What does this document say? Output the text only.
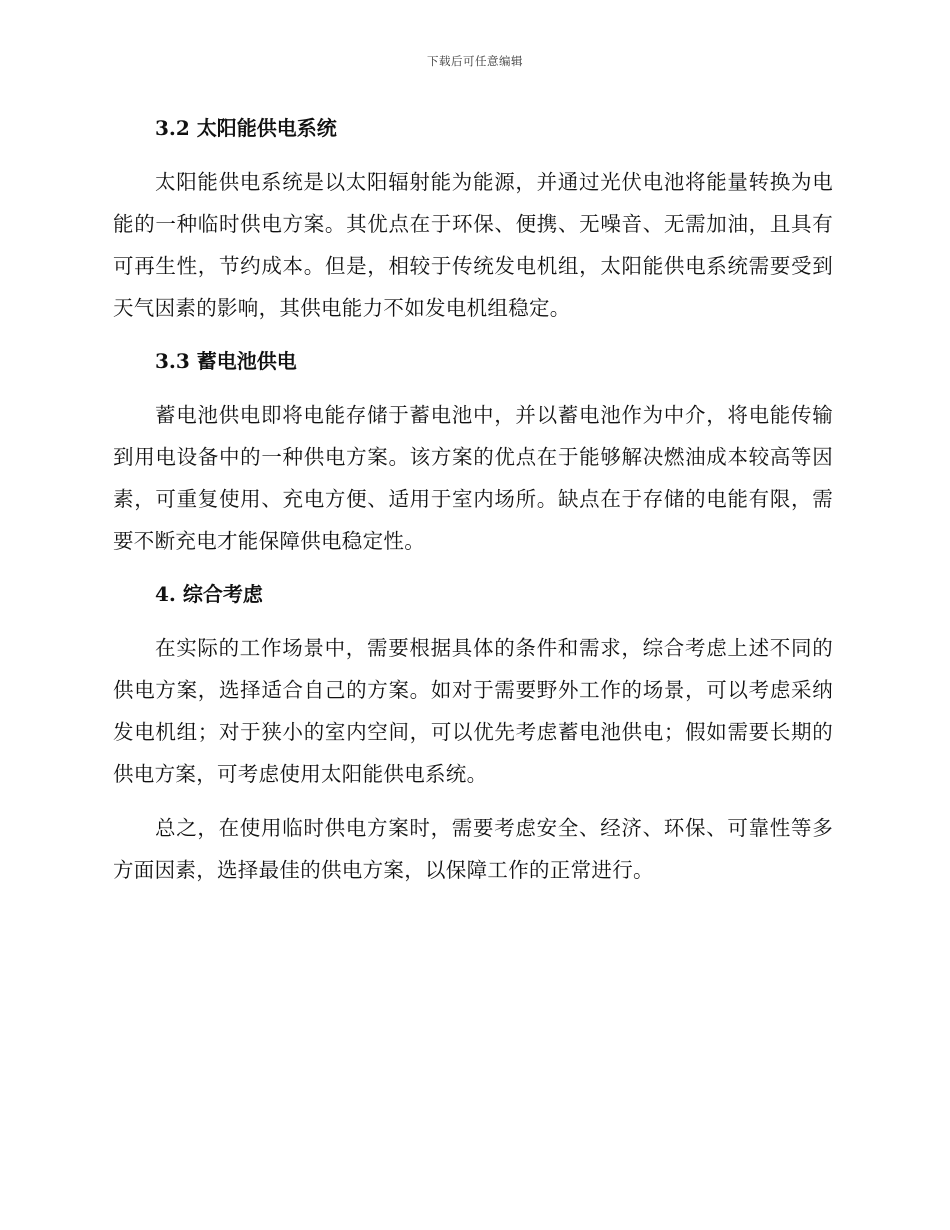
下载后可任意编辑
3.2 太阳能供电系统

太阳能供电系统是以太阳辐射能为能源，并通过光伏电池将能量转换为电能的一种临时供电方案。其优点在于环保、便携、无噪音、无需加油，且具有可再生性，节约成本。但是，相较于传统发电机组，太阳能供电系统需要受到天气因素的影响，其供电能力不如发电机组稳定。

3.3 蓄电池供电

蓄电池供电即将电能存储于蓄电池中，并以蓄电池作为中介，将电能传输到用电设备中的一种供电方案。该方案的优点在于能够解决燃油成本较高等因素，可重复使用、充电方便、适用于室内场所。缺点在于存储的电能有限，需要不断充电才能保障供电稳定性。

4. 综合考虑

在实际的工作场景中，需要根据具体的条件和需求，综合考虑上述不同的供电方案，选择适合自己的方案。如对于需要野外工作的场景，可以考虑采纳发电机组；对于狭小的室内空间，可以优先考虑蓄电池供电；假如需要长期的供电方案，可考虑使用太阳能供电系统。

总之，在使用临时供电方案时，需要考虑安全、经济、环保、可靠性等多方面因素，选择最佳的供电方案，以保障工作的正常进行。
